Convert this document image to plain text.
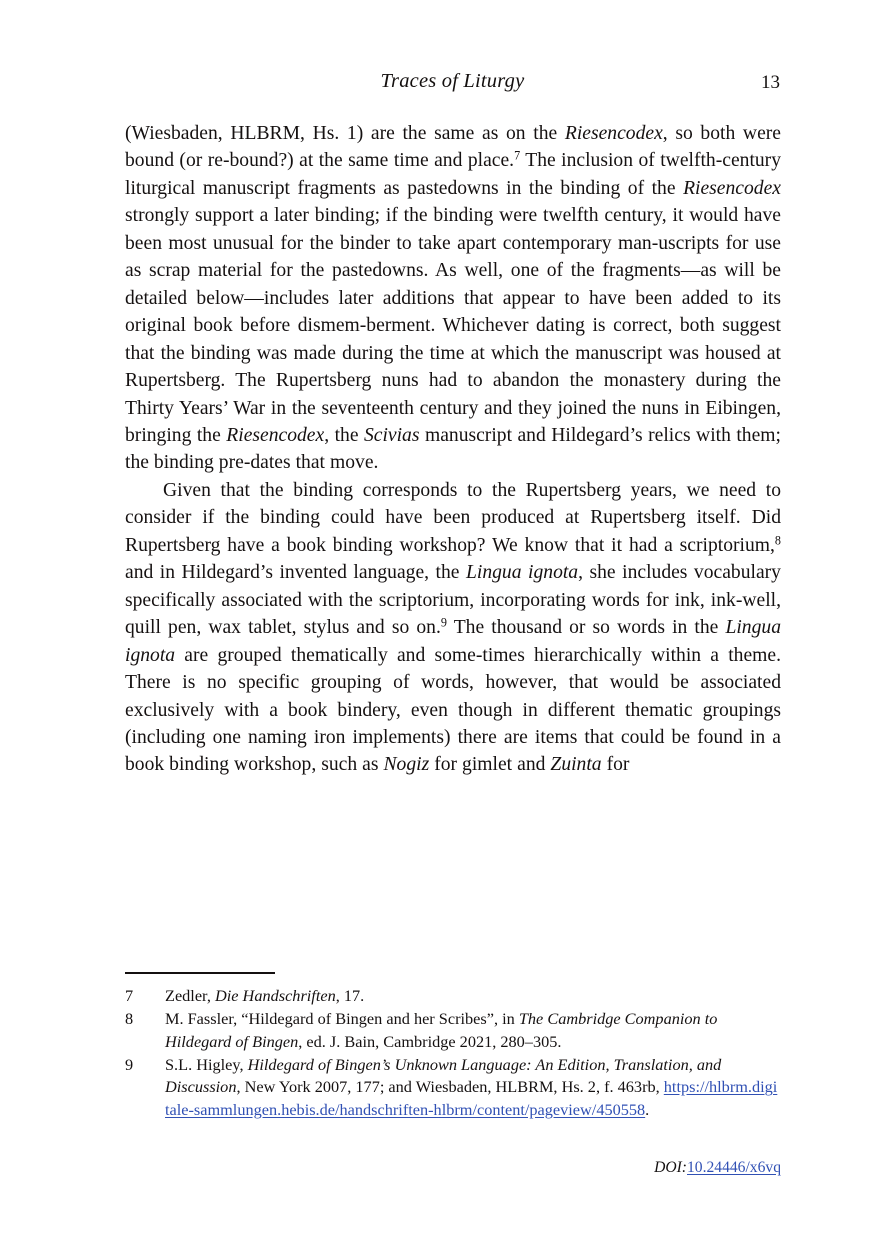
Traces of Liturgy	13

(Wiesbaden, HLBRM, Hs. 1) are the same as on the Riesencodex, so both were bound (or re-bound?) at the same time and place.$^7$ The inclusion of twelfth-century liturgical manuscript fragments as pastedowns in the binding of the Riesencodex strongly support a later binding; if the binding were twelfth century, it would have been most unusual for the binder to take apart contemporary man-uscripts for use as scrap material for the pastedowns. As well, one of the fragments—as will be detailed below—includes later additions that appear to have been added to its original book before dismem-berment. Whichever dating is correct, both suggest that the binding was made during the time at which the manuscript was housed at Rupertsberg. The Rupertsberg nuns had to abandon the monastery during the Thirty Years’ War in the seventeenth century and they joined the nuns in Eibingen, bringing the Riesencodex, the Scivias manuscript and Hildegard’s relics with them; the binding pre-dates that move.

Given that the binding corresponds to the Rupertsberg years, we need to consider if the binding could have been produced at Rupertsberg itself. Did Rupertsberg have a book binding workshop? We know that it had a scriptorium,$^8$ and in Hildegard’s invented language, the Lingua ignota, she includes vocabulary specifically associated with the scriptorium, incorporating words for ink, ink-well, quill pen, wax tablet, stylus and so on.$^9$ The thousand or so words in the Lingua ignota are grouped thematically and some-times hierarchically within a theme. There is no specific grouping of words, however, that would be associated exclusively with a book bindery, even though in different thematic groupings (including one naming iron implements) there are items that could be found in a book binding workshop, such as Nogiz for gimlet and Zuinta for

7	Zedler, Die Handschriften, 17.
8	M. Fassler, “Hildegard of Bingen and her Scribes”, in The Cambridge Companion to Hildegard of Bingen, ed. J. Bain, Cambridge 2021, 280–305.
9	S.L. Higley, Hildegard of Bingen’s Unknown Language: An Edition, Translation, and Discussion, New York 2007, 177; and Wiesbaden, HLBRM, Hs. 2, f. 463rb, https://hlbrm.digitale-sammlungen.hebis.de/handschriften-hlbrm/content/pageview/450558.
DOI:10.24446/x6vq
